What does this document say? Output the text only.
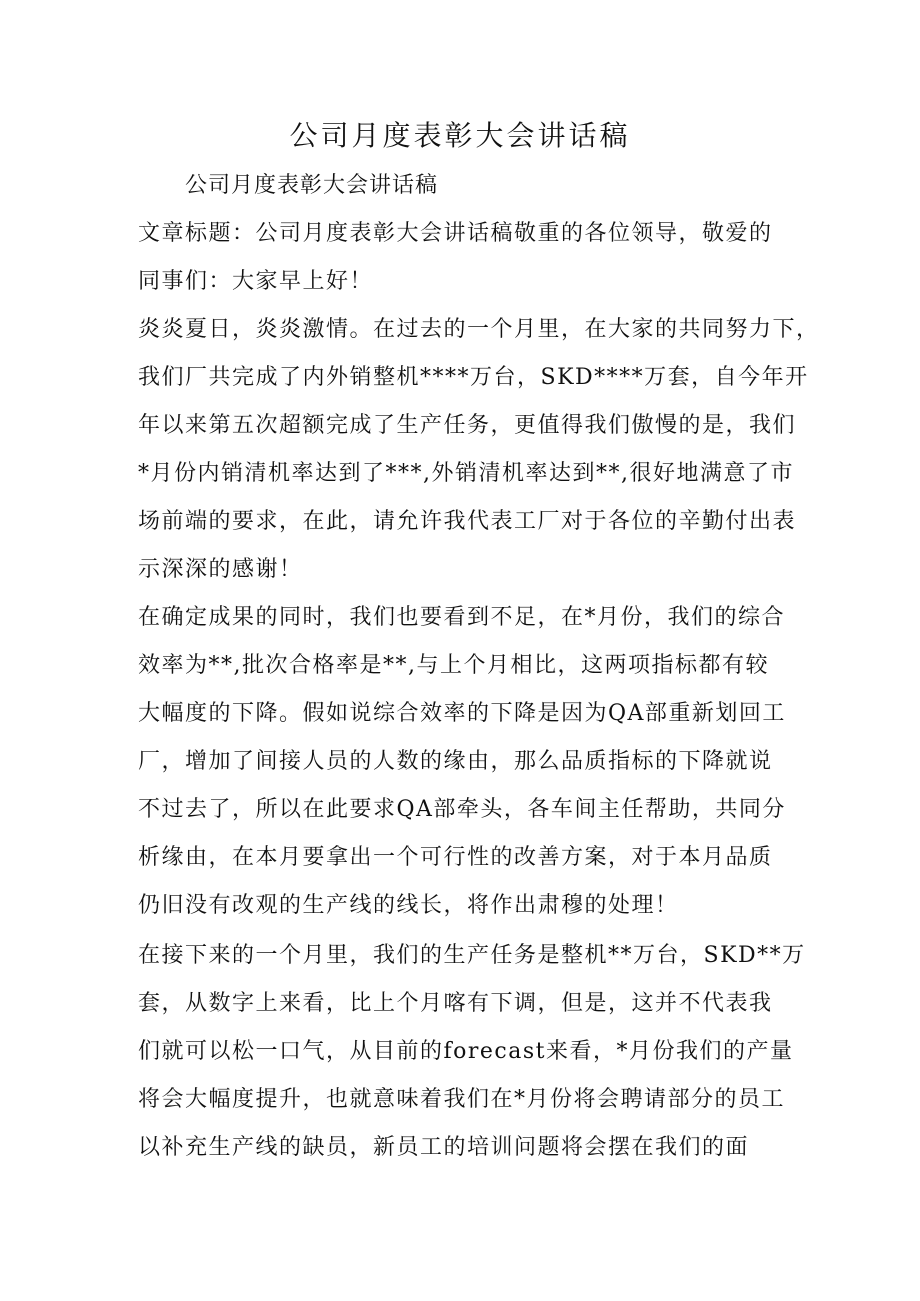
公司月度表彰大会讲话稿
公司月度表彰大会讲话稿
文章标题：公司月度表彰大会讲话稿敬重的各位领导，敬爱的
同事们：大家早上好！
炎炎夏日，炎炎激情。在过去的一个月里，在大家的共同努力下，
我们厂共完成了内外销整机****万台，SKD****万套，自今年开
年以来第五次超额完成了生产任务，更值得我们傲慢的是，我们
*月份内销清机率达到了***,外销清机率达到**,很好地满意了市
场前端的要求，在此，请允许我代表工厂对于各位的辛勤付出表
示深深的感谢！
在确定成果的同时，我们也要看到不足，在*月份，我们的综合
效率为**,批次合格率是**,与上个月相比，这两项指标都有较
大幅度的下降。假如说综合效率的下降是因为QA部重新划回工
厂，增加了间接人员的人数的缘由，那么品质指标的下降就说
不过去了，所以在此要求QA部牵头，各车间主任帮助，共同分
析缘由，在本月要拿出一个可行性的改善方案，对于本月品质
仍旧没有改观的生产线的线长，将作出肃穆的处理！
在接下来的一个月里，我们的生产任务是整机**万台，SKD**万
套，从数字上来看，比上个月喀有下调，但是，这并不代表我
们就可以松一口气，从目前的forecast来看，*月份我们的产量
将会大幅度提升，也就意味着我们在*月份将会聘请部分的员工
以补充生产线的缺员，新员工的培训问题将会摆在我们的面
